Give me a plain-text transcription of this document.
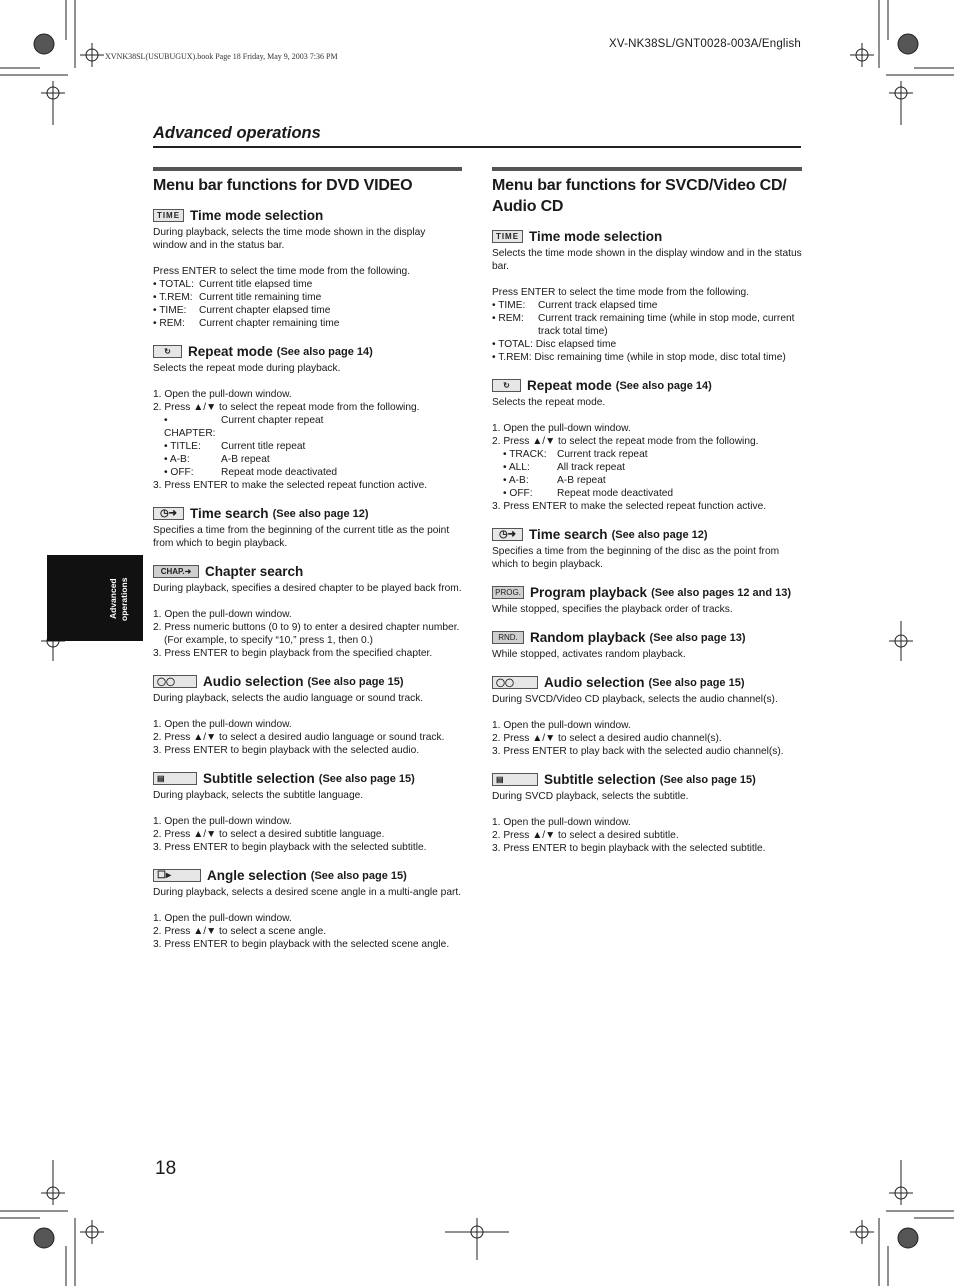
XV-NK38SL/GNT0028-003A/English
XVNK38SL(USUBUGUX).book Page 18 Friday, May 9, 2003 7:36 PM
Advanced operations
Advanced
operations
Menu bar functions for DVD VIDEO
TIME Time mode selection

During playback, selects the time mode shown in the display window and in the status bar.

Press ENTER to select the time mode from the following.

• TOTAL: Current title elapsed time
• T.REM: Current title remaining time
• TIME:	Current chapter elapsed time
• REM:	Current chapter remaining time
↻	Repeat mode (See also page 14)

Selects the repeat mode during playback.

1. Open the pull-down window.

2. Press ▲/▼ to select the repeat mode from the following.

• CHAPTER:
Current chapter repeat
• TITLE:	Current title repeat
• A-B:	A-B repeat
• OFF:	Repeat mode deactivated

3. Press ENTER to make the selected repeat function active.

◷➜ Time search (See also page 12)

Specifies a time from the beginning of the current title as the point from which to begin playback.

CHAP. ➜	Chapter search

During playback, specifies a desired chapter to be played back from.

1. Open the pull-down window.

2. Press numeric buttons (0 to 9) to enter a desired chapter number. (For example, to specify “10,” press 1, then 0.)

3. Press ENTER to begin playback from the specified chapter.

◯◯	Audio selection (See also page 15)

During playback, selects the audio language or sound track.

1. Open the pull-down window.

2. Press ▲/▼ to select a desired audio language or sound track.

3. Press ENTER to begin playback with the selected audio.

▤	Subtitle selection (See also page 15)

During playback, selects the subtitle language.

1. Open the pull-down window.

2. Press ▲/▼ to select a desired subtitle language.

3. Press ENTER to begin playback with the selected subtitle.

☐▸	Angle selection (See also page 15)

During playback, selects a desired scene angle in a multi-angle part.

1. Open the pull-down window.

2. Press ▲/▼ to select a scene angle.

3. Press ENTER to begin playback with the selected scene angle.

Menu bar functions for SVCD/Video CD/ Audio CD
TIME Time mode selection

Selects the time mode shown in the display window and in the status bar.

Press ENTER to select the time mode from the following.

• TIME:	Current track elapsed time
• REM:	Current track remaining time (while in stop mode, current track total time)

• TOTAL: Disc elapsed time

• T.REM: Disc remaining time (while in stop mode, disc total time)

↻	Repeat mode (See also page 14)

Selects the repeat mode.

1. Open the pull-down window.

2. Press ▲/▼ to select the repeat mode from the following.

• TRACK:	Current track repeat
• ALL:	All track repeat
• A-B:	A-B repeat
• OFF:	Repeat mode deactivated

3. Press ENTER to make the selected repeat function active.

◷➜ Time search (See also page 12)

Specifies a time from the beginning of the disc as the point from which to begin playback.

PROG. Program playback (See also pages 12 and 13)

While stopped, specifies the playback order of tracks.

RND. Random playback (See also page 13)

While stopped, activates random playback.

◯◯	Audio selection (See also page 15)

During SVCD/Video CD playback, selects the audio channel(s).

1. Open the pull-down window.

2. Press ▲/▼ to select a desired audio channel(s).

3. Press ENTER to play back with the selected audio channel(s).

▤	Subtitle selection (See also page 15)

During SVCD playback, selects the subtitle.

1. Open the pull-down window.

2. Press ▲/▼ to select a desired subtitle.

3. Press ENTER to begin playback with the selected subtitle.

18
